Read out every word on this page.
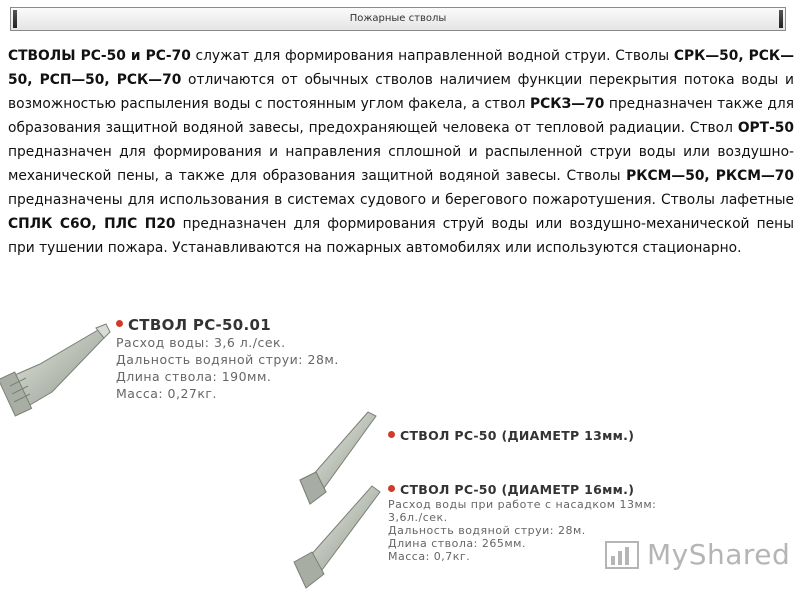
Пожарные стволы
СТВОЛЫ РС-50 и РС-70 служат для формирования направленной водной струи. Стволы СРК—50, РСК—50, РСП—50, РСК—70 отличаются от обычных стволов наличием функции перекрытия потока воды и возможностью распыления воды с постоянным углом факела, а ствол РСКЗ—70 предназначен также для образования защитной водяной завесы, предохраняющей человека от тепловой радиации. Ствол ОРТ-50 предназначен для формирования и направления сплошной и распыленной струи воды или воздушно-механической пены, а также для образования защитной водяной завесы. Стволы РКСМ—50, РКСМ—70 предназначены для использования в системах судового и берегового пожаротушения. Стволы лафетные СПЛК С6О, ПЛС П20 предназначен для формирования струй воды или воздушно-механической пены при тушении пожара. Устанавливаются на пожарных автомобилях или используются стационарно.
СТВОЛ РС-50.01
Расход воды: 3,6 л./сек.
Дальность водяной струи: 28м.
Длина ствола: 190мм.
Масса: 0,27кг.
СТВОЛ РС-50 (ДИАМЕТР 13мм.)
СТВОЛ РС-50 (ДИАМЕТР 16мм.)
Расход воды при работе с насадком 13мм: 3,6л./сек.
Дальность водяной струи: 28м.
Длина ствола: 265мм.
Масса: 0,7кг.	MyShared
